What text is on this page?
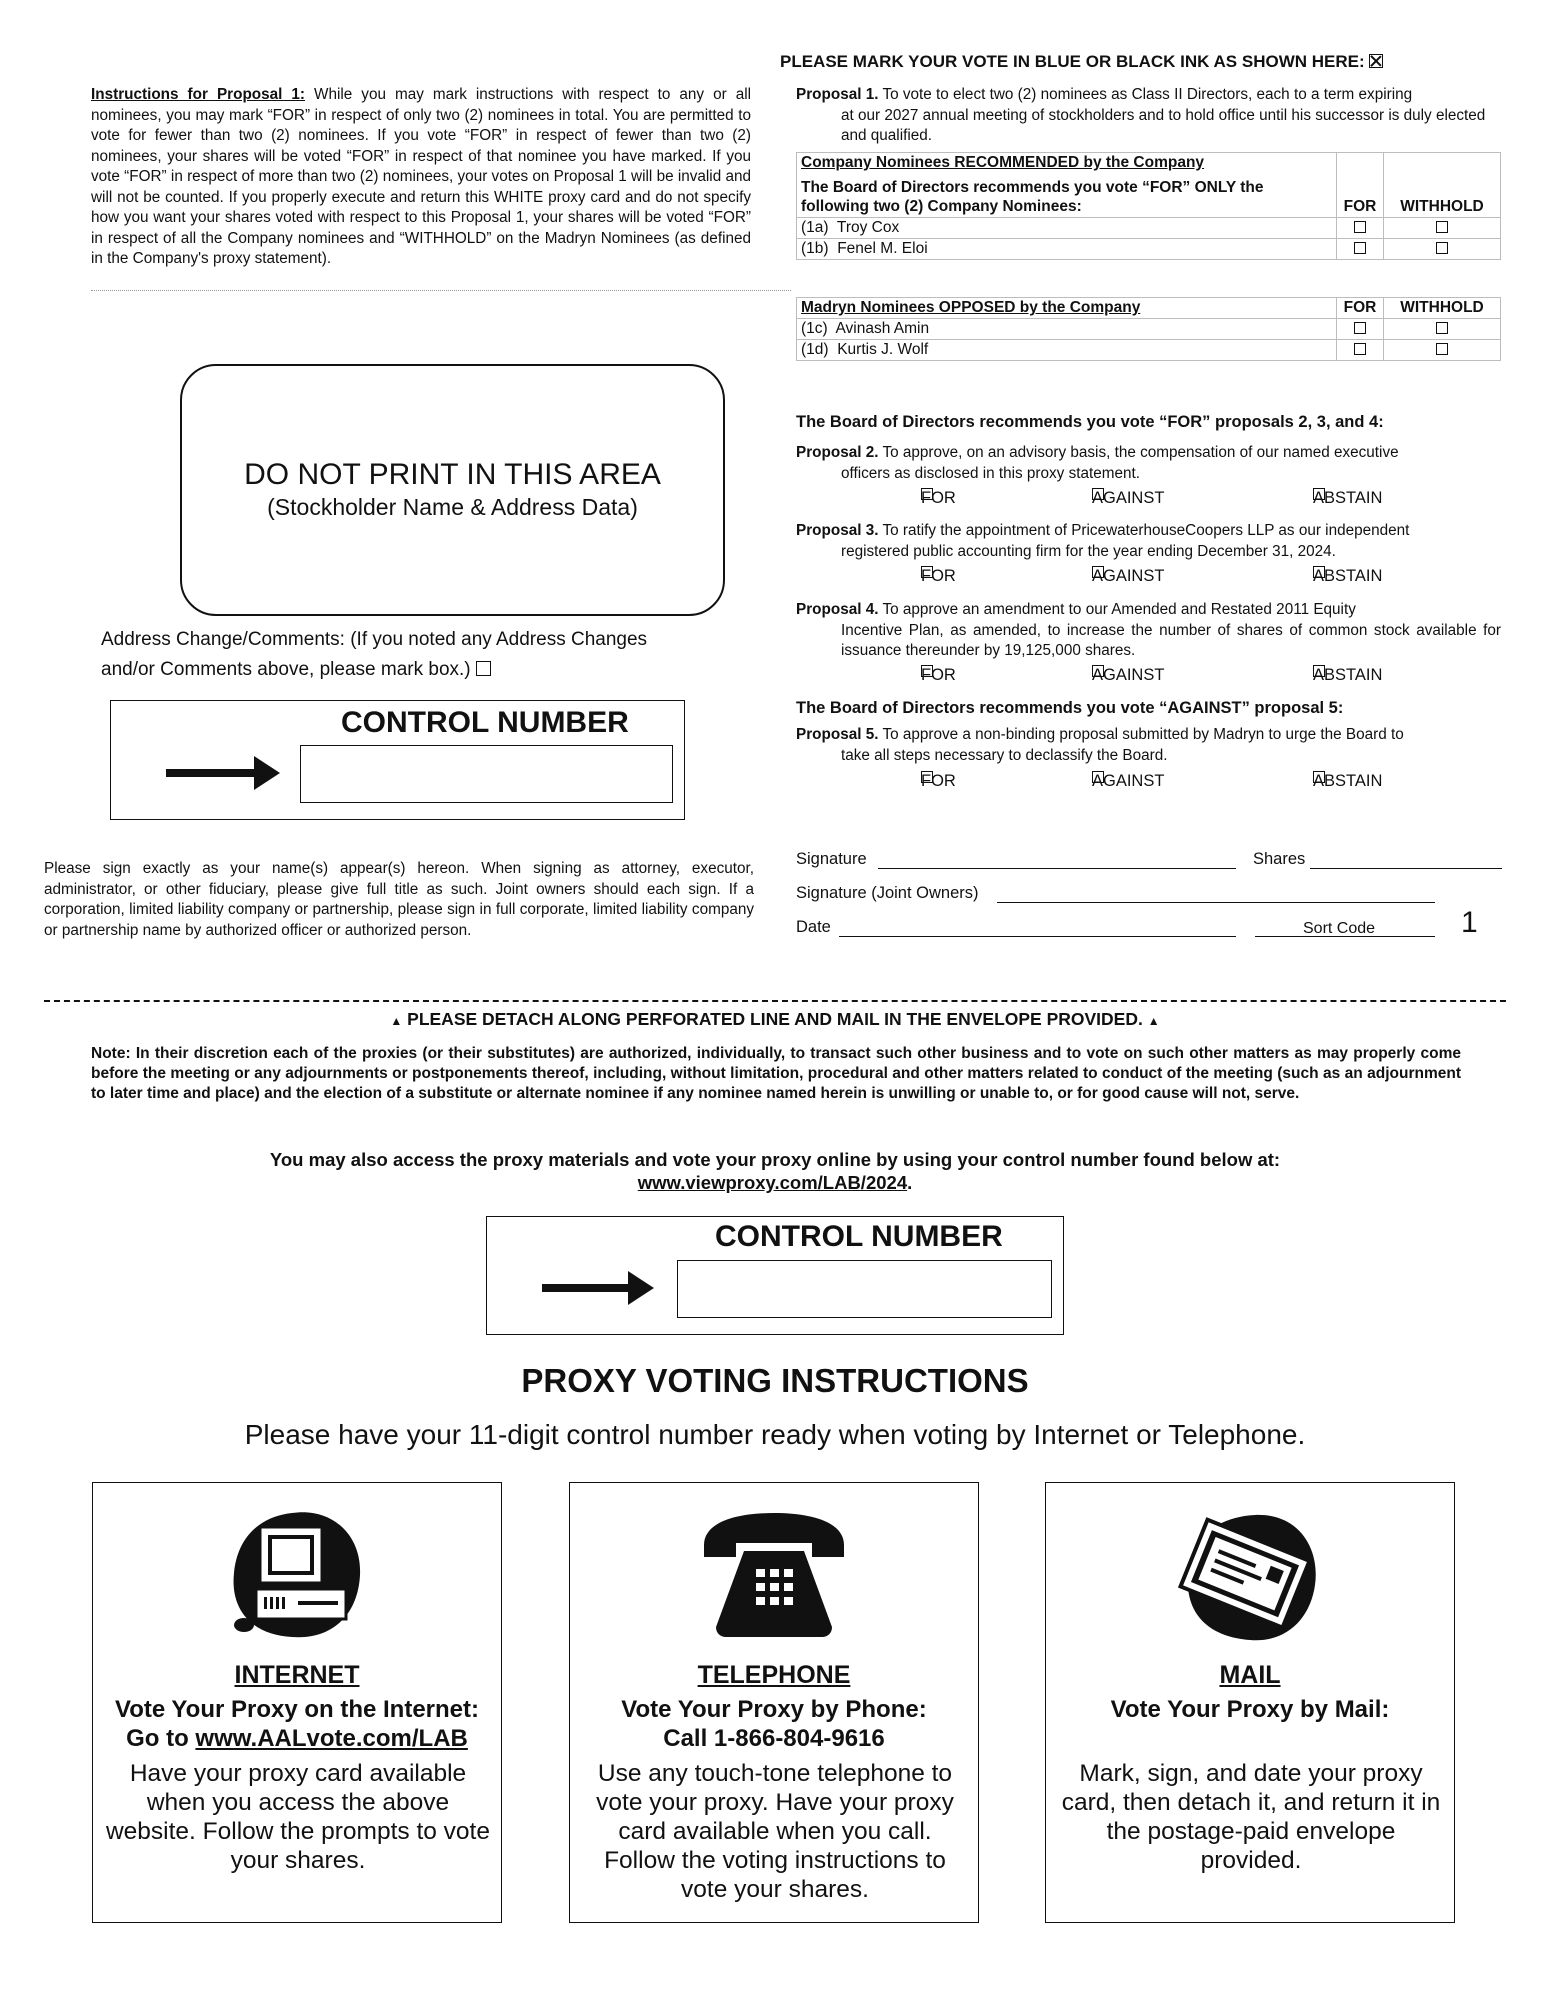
PLEASE MARK YOUR VOTE IN BLUE OR BLACK INK AS SHOWN HERE:
Instructions for Proposal 1: While you may mark instructions with respect to any or all nominees, you may mark “FOR” in respect of only two (2) nominees in total. You are permitted to vote for fewer than two (2) nominees. If you vote “FOR” in respect of fewer than two (2) nominees, your shares will be voted “FOR” in respect of that nominee you have marked. If you vote “FOR” in respect of more than two (2) nominees, your votes on Proposal 1 will be invalid and will not be counted. If you properly execute and return this WHITE proxy card and do not specify how you want your shares voted with respect to this Proposal 1, your shares will be voted “FOR” in respect of all the Company nominees and “WITHHOLD” on the Madryn Nominees (as defined in the Company's proxy statement).
Proposal 1. To vote to elect two (2) nominees as Class II Directors, each to a term expiring
at our 2027 annual meeting of stockholders and to hold office until his successor is duly elected and qualified.
Company Nominees RECOMMENDED by the Company
The Board of Directors recommends you vote “FOR” ONLY the following two (2) Company Nominees:	FOR	WITHHOLD
(1a) Troy Cox		
(1b) Fenel M. Eloi		
Madryn Nominees OPPOSED by the Company	FOR	WITHHOLD
(1c) Avinash Amin		
(1d) Kurtis J. Wolf		
DO NOT PRINT IN THIS AREA
(Stockholder Name & Address Data)
Address Change/Comments: (If you noted any Address Changes
and/or Comments above, please mark box.)
CONTROL NUMBER
The Board of Directors recommends you vote “FOR” proposals 2, 3, and 4:
Proposal 2. To approve, on an advisory basis, the compensation of our named executive
officers as disclosed in this proxy statement.
FOR	AGAINST	ABSTAIN
Proposal 3. To ratify the appointment of PricewaterhouseCoopers LLP as our independent
registered public accounting firm for the year ending December 31, 2024.
FOR	AGAINST	ABSTAIN
Proposal 4. To approve an amendment to our Amended and Restated 2011 Equity
Incentive Plan, as amended, to increase the number of shares of common stock available for issuance thereunder by 19,125,000 shares.
FOR	AGAINST	ABSTAIN
The Board of Directors recommends you vote “AGAINST” proposal 5:
Proposal 5. To approve a non-binding proposal submitted by Madryn to urge the Board to
take all steps necessary to declassify the Board.
FOR	AGAINST	ABSTAIN
Please sign exactly as your name(s) appear(s) hereon. When signing as attorney, executor, administrator, or other fiduciary, please give full title as such. Joint owners should each sign. If a corporation, limited liability company or partnership, please sign in full corporate, limited liability company or partnership name by authorized officer or authorized person.
Signature	Shares
Signature (Joint Owners)
Date	Sort Code	1
▲ PLEASE DETACH ALONG PERFORATED LINE AND MAIL IN THE ENVELOPE PROVIDED. ▲
Note: In their discretion each of the proxies (or their substitutes) are authorized, individually, to transact such other business and to vote on such other matters as may properly come before the meeting or any adjournments or postponements thereof, including, without limitation, procedural and other matters related to conduct of the meeting (such as an adjournment to later time and place) and the election of a substitute or alternate nominee if any nominee named herein is unwilling or unable to, or for good cause will not, serve.
You may also access the proxy materials and vote your proxy online by using your control number found below at:
www.viewproxy.com/LAB/2024.
CONTROL NUMBER
PROXY VOTING INSTRUCTIONS
Please have your 11-digit control number ready when voting by Internet or Telephone.
INTERNET
Vote Your Proxy on the Internet:
Go to www.AALvote.com/LAB
Have your proxy card available when you access the above website. Follow the prompts to vote your shares.
TELEPHONE
Vote Your Proxy by Phone:
Call 1-866-804-9616
Use any touch-tone telephone to vote your proxy. Have your proxy card available when you call. Follow the voting instructions to vote your shares.
MAIL
Vote Your Proxy by Mail:
Mark, sign, and date your proxy card, then detach it, and return it in the postage-paid envelope provided.
